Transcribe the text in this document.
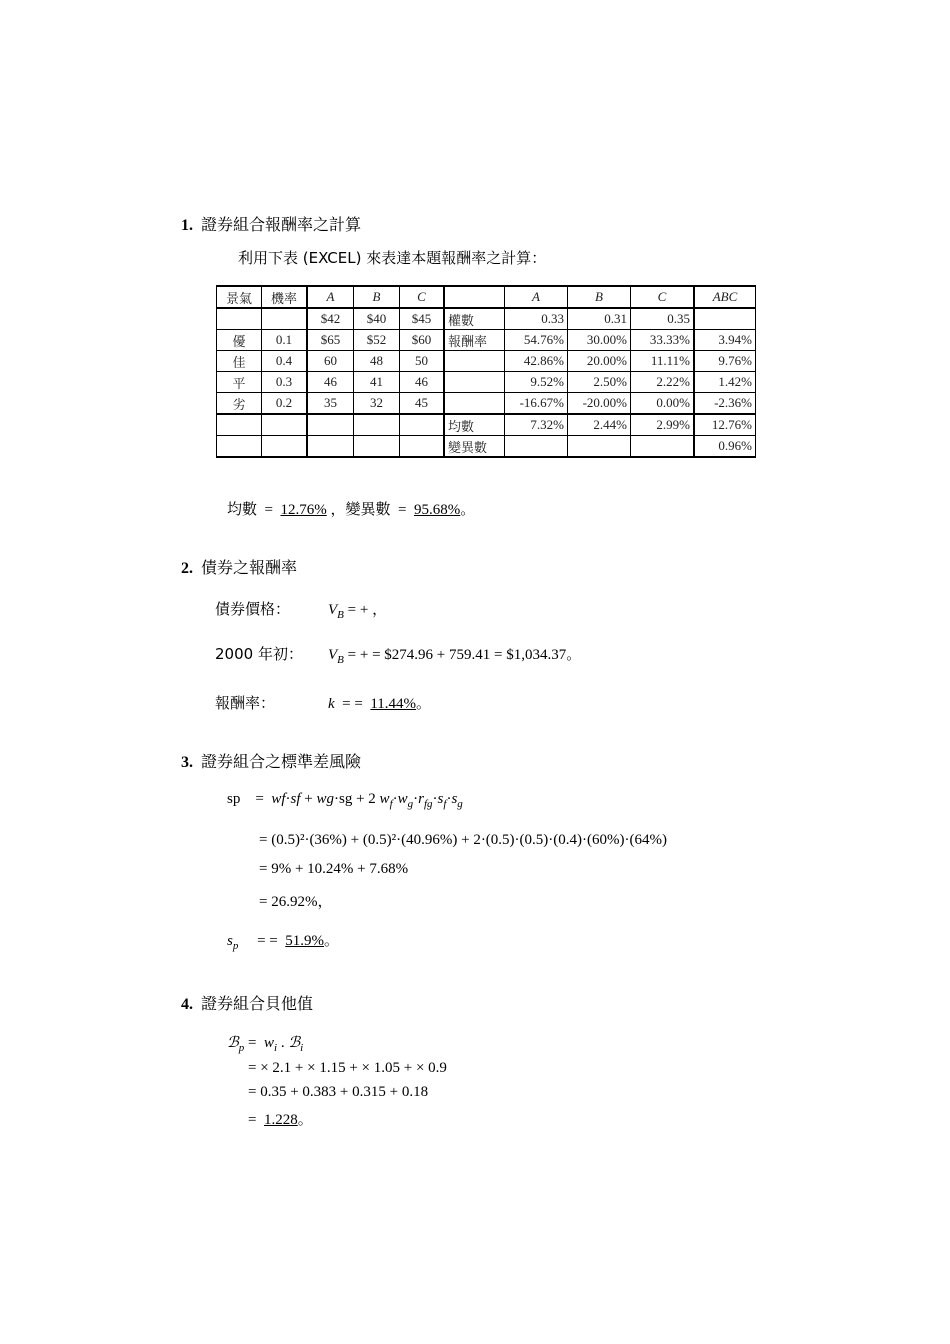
1. 證券組合報酬率之計算
利用下表 (EXCEL) 來表達本題報酬率之計算：
景氣	機率	A	B	C		A	B	C	ABC
		$42	$40	$45	權數	0.33	0.31	0.35	
優	0.1	$65	$52	$60	報酬率	54.76%	30.00%	33.33%	3.94%
佳	0.4	60	48	50		42.86%	20.00%	11.11%	9.76%
平	0.3	46	41	46		9.52%	2.50%	2.22%	1.42%
劣	0.2	35	32	45		-16.67%	-20.00%	0.00%	-2.36%
					均數	7.32%	2.44%	2.99%	12.76%
					變異數				0.96%
均數  =  12.76% ，變異數  =  95.68%。
2. 債券之報酬率
債券價格：	$V_B$ = + ，
2000 年初： $V_B$ = + = $274.96 + 759.41 = $1,034.37。
報酬率：	k = = 11.44%。
3. 證券組合之標準差風險
sp    =  wf·sf + wg·sg + 2 $w_f\cdot w_g\cdot r_{fg}\cdot s_f\cdot s_g$
= (0.5)²·(36%) + (0.5)²·(40.96%) + 2·(0.5)·(0.5)·(0.4)·(60%)·(64%)
= 9% + 10.24% + 7.68%
= 26.92%，
$s_p$ = = 51.9%。
4. 證券組合貝他值
ℬ$_p$ =  $w_i$ . ℬ$_i$
= × 2.1 + × 1.15 + × 1.05 + × 0.9
= 0.35 + 0.383 + 0.315 + 0.18
=  1.228。
